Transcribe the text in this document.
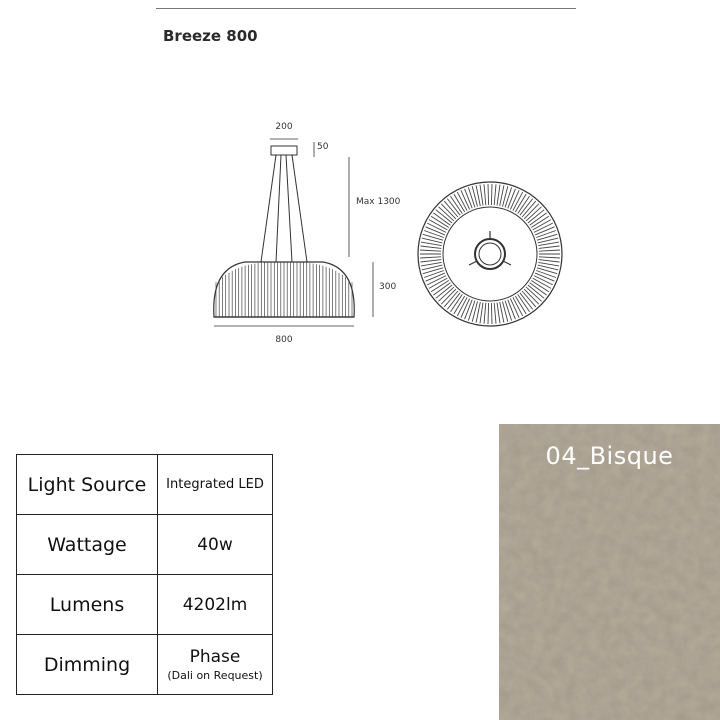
Breeze 800
200
50
Max 1300
300
800
Light Source	Integrated LED
Wattage	40w
Lumens	4202lm
Dimming	Phase
(Dali on Request)
04_Bisque
